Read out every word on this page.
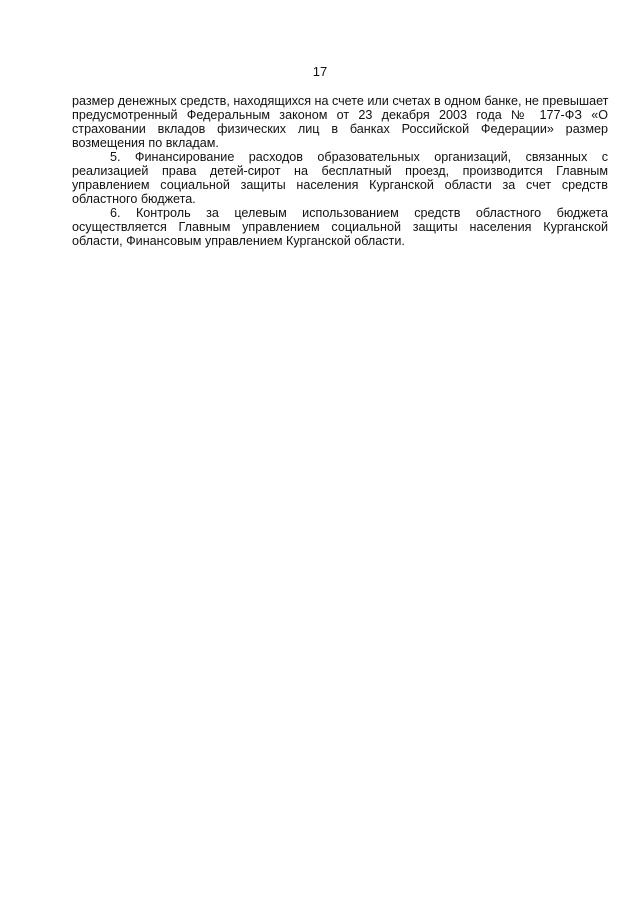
17

размер денежных средств, находящихся на счете или счетах в одном банке, не превышает
предусмотренный Федеральным законом от 23 декабря 2003 года № 177-ФЗ «О
страховании вкладов физических лиц в банках Российской Федерации» размер
возмещения по вкладам.

5. Финансирование расходов образовательных организаций, связанных с
реализацией права детей-сирот на бесплатный проезд, производится Главным
управлением социальной защиты населения Курганской области за счет средств
областного бюджета.

6. Контроль за целевым использованием средств областного бюджета
осуществляется Главным управлением социальной защиты населения Курганской
области, Финансовым управлением Курганской области.
